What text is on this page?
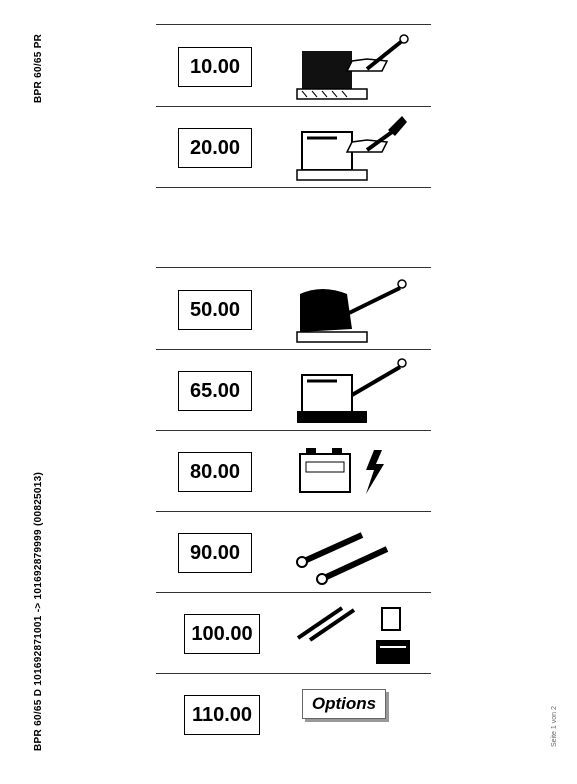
BPR 60/65 PR
BPR 60/65 D 101692871001 -> 101692879999 (00825013)	Seite 1 von 2
10.00
20.00
50.00
65.00
80.00
90.00
100.00
110.00	Options
